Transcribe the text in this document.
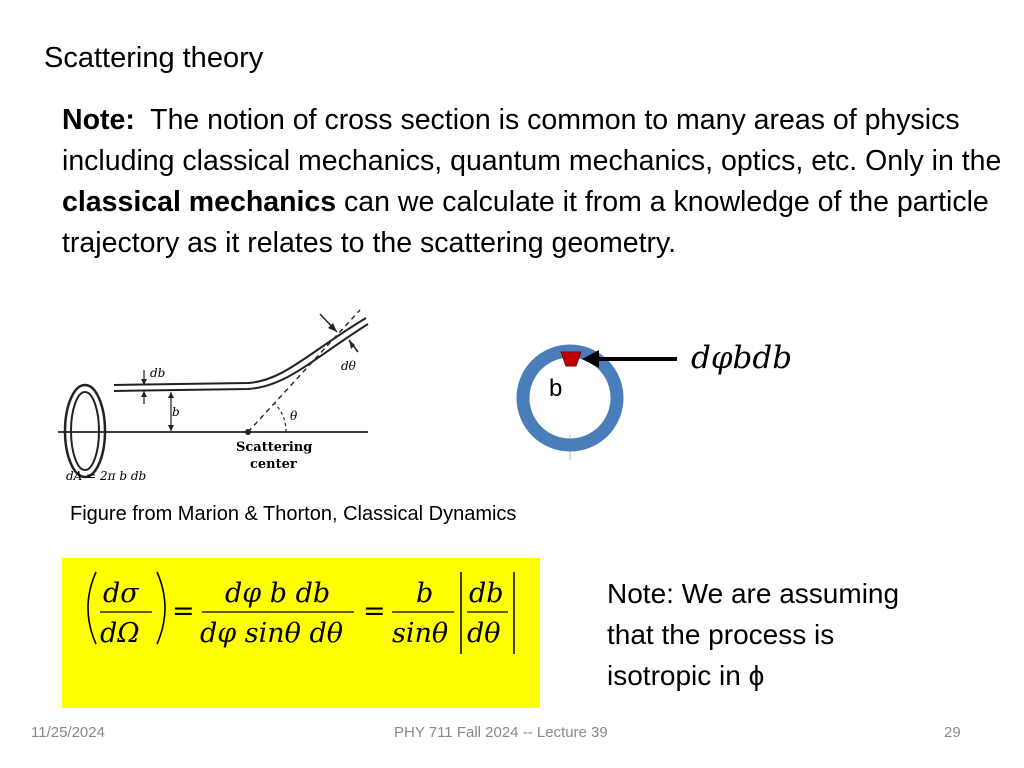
Scattering theory
Note: The notion of cross section is common to many areas of physics including classical mechanics, quantum mechanics, optics, etc. Only in the classical mechanics can we calculate it from a knowledge of the particle trajectory as it relates to the scattering geometry.
db
b
dθ
θ
Scattering
center
dA = 2π b db
b
dφbdb
Figure from Marion & Thorton, Classical Dynamics
dσ
dΩ
=
dφ b db
dφ sinθ dθ
=
b
sinθ
db
dθ
Note: We are assuming
that the process is
isotropic in ϕ
11/25/2024	PHY 711 Fall 2024 -- Lecture 39	29
